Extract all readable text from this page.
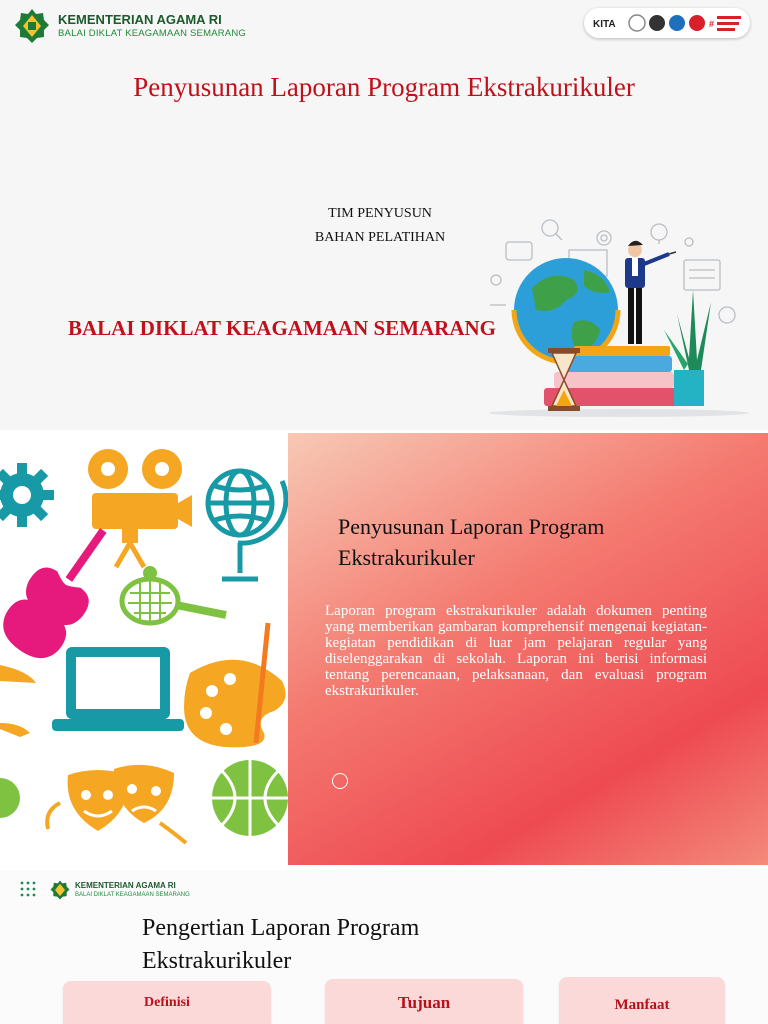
KEMENTERIAN AGAMA RI
BALAI DIKLAT KEAGAMAAN SEMARANG
KITA	#
Penyusunan Laporan Program Ekstrakurikuler
TIM PENYUSUN
BAHAN PELATIHAN
BALAI DIKLAT KEAGAMAAN SEMARANG
Penyusunan Laporan Program Ekstrakurikuler
Laporan program ekstrakurikuler adalah dokumen penting yang memberikan gambaran komprehensif mengenai kegiatan-kegiatan pendidikan di luar jam pelajaran regular yang diselenggarakan di sekolah. Laporan ini berisi informasi tentang perencanaan, pelaksanaan, dan evaluasi program ekstrakurikuler.
KEMENTERIAN AGAMA RI
BALAI DIKLAT KEAGAMAAN SEMARANG
Pengertian Laporan Program Ekstrakurikuler
Definisi	Tujuan	Manfaat
